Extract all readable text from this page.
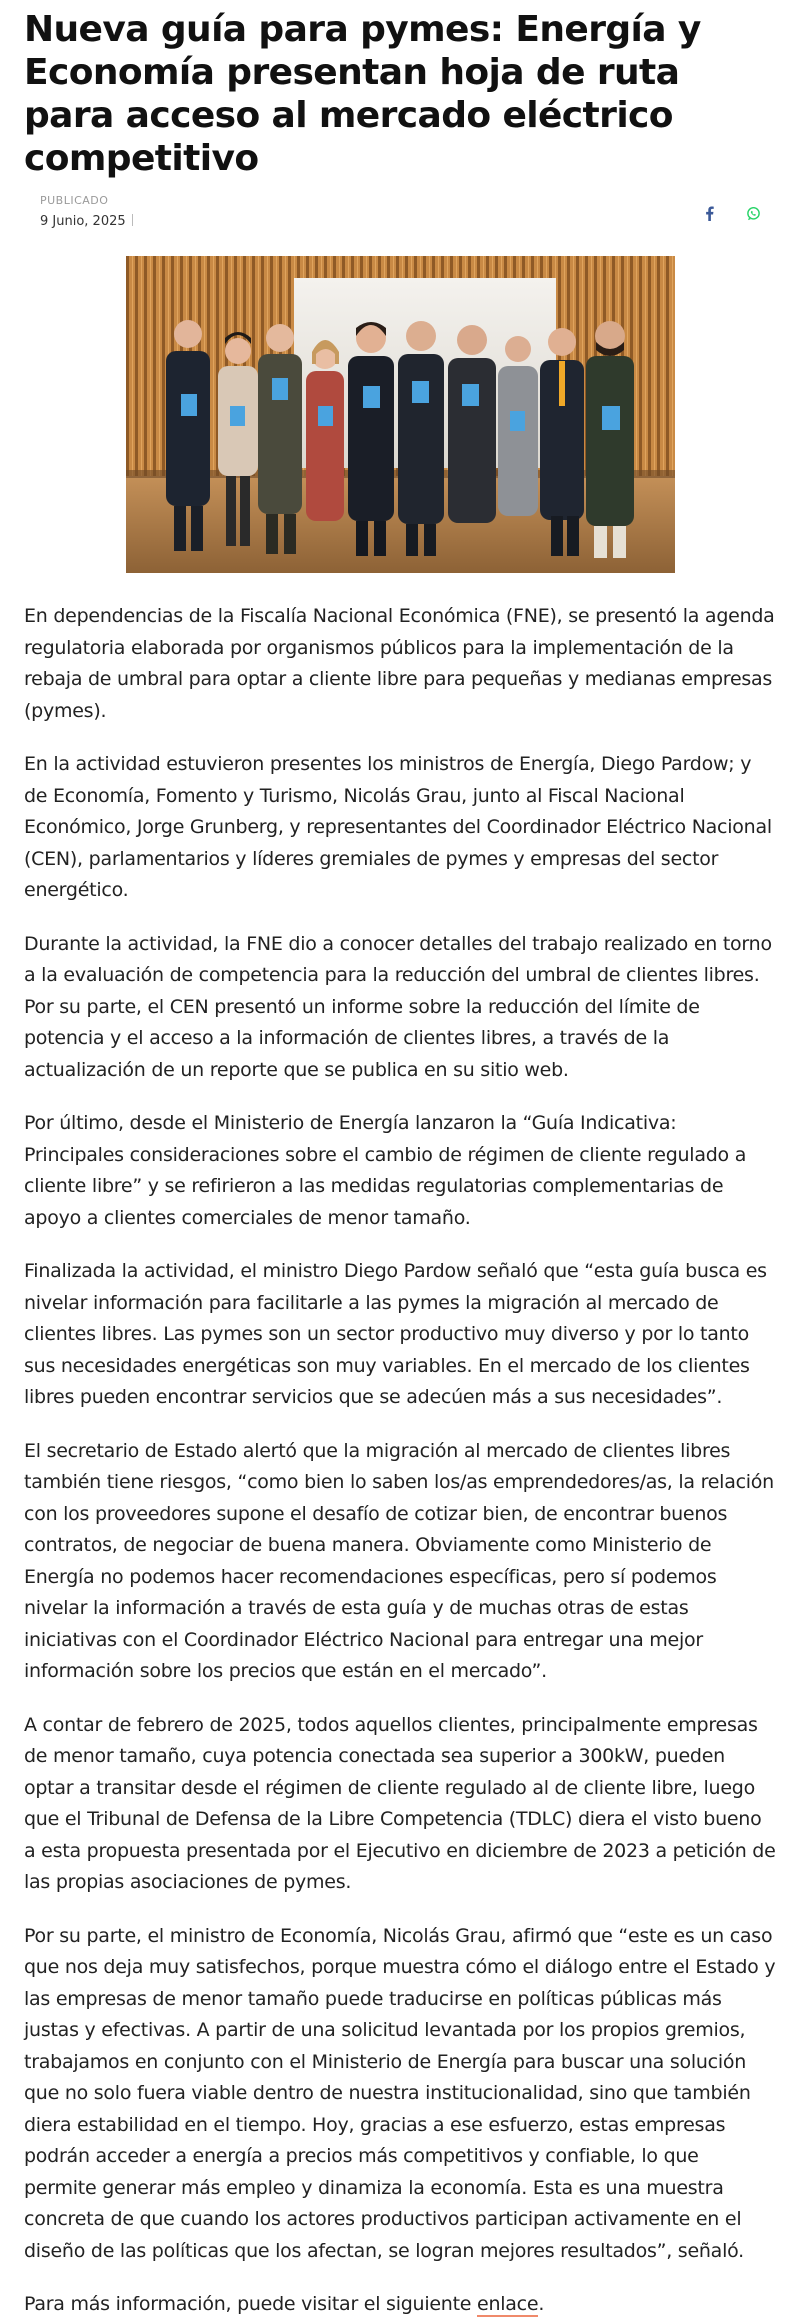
Nueva guía para pymes: Energía y Economía presentan hoja de ruta para acceso al mercado eléctrico competitivo
PUBLICADO
9 Junio, 2025

En dependencias de la Fiscalía Nacional Económica (FNE), se presentó la agenda regulatoria elaborada por organismos públicos para la implementación de la rebaja de umbral para optar a cliente libre para pequeñas y medianas empresas (pymes).

En la actividad estuvieron presentes los ministros de Energía, Diego Pardow; y de Economía, Fomento y Turismo, Nicolás Grau, junto al Fiscal Nacional Económico, Jorge Grunberg, y representantes del Coordinador Eléctrico Nacional (CEN), parlamentarios y líderes gremiales de pymes y empresas del sector energético.

Durante la actividad, la FNE dio a conocer detalles del trabajo realizado en torno a la evaluación de competencia para la reducción del umbral de clientes libres. Por su parte, el CEN presentó un informe sobre la reducción del límite de potencia y el acceso a la información de clientes libres, a través de la actualización de un reporte que se publica en su sitio web.

Por último, desde el Ministerio de Energía lanzaron la “Guía Indicativa: Principales consideraciones sobre el cambio de régimen de cliente regulado a cliente libre” y se refirieron a las medidas regulatorias complementarias de apoyo a clientes comerciales de menor tamaño.

Finalizada la actividad, el ministro Diego Pardow señaló que “esta guía busca es nivelar información para facilitarle a las pymes la migración al mercado de clientes libres. Las pymes son un sector productivo muy diverso y por lo tanto sus necesidades energéticas son muy variables. En el mercado de los clientes libres pueden encontrar servicios que se adecúen más a sus necesidades”.

El secretario de Estado alertó que la migración al mercado de clientes libres también tiene riesgos, “como bien lo saben los/as emprendedores/as, la relación con los proveedores supone el desafío de cotizar bien, de encontrar buenos contratos, de negociar de buena manera. Obviamente como Ministerio de Energía no podemos hacer recomendaciones específicas, pero sí podemos nivelar la información a través de esta guía y de muchas otras de estas iniciativas con el Coordinador Eléctrico Nacional para entregar una mejor información sobre los precios que están en el mercado”.

A contar de febrero de 2025, todos aquellos clientes, principalmente empresas de menor tamaño, cuya potencia conectada sea superior a 300kW, pueden optar a transitar desde el régimen de cliente regulado al de cliente libre, luego que el Tribunal de Defensa de la Libre Competencia (TDLC) diera el visto bueno a esta propuesta presentada por el Ejecutivo en diciembre de 2023 a petición de las propias asociaciones de pymes.

Por su parte, el ministro de Economía, Nicolás Grau, afirmó que “este es un caso que nos deja muy satisfechos, porque muestra cómo el diálogo entre el Estado y las empresas de menor tamaño puede traducirse en políticas públicas más justas y efectivas. A partir de una solicitud levantada por los propios gremios, trabajamos en conjunto con el Ministerio de Energía para buscar una solución que no solo fuera viable dentro de nuestra institucionalidad, sino que también diera estabilidad en el tiempo. Hoy, gracias a ese esfuerzo, estas empresas podrán acceder a energía a precios más competitivos y confiable, lo que permite generar más empleo y dinamiza la economía. Esta es una muestra concreta de que cuando los actores productivos participan activamente en el diseño de las políticas que los afectan, se logran mejores resultados”, señaló.

Para más información, puede visitar el siguiente enlace.
